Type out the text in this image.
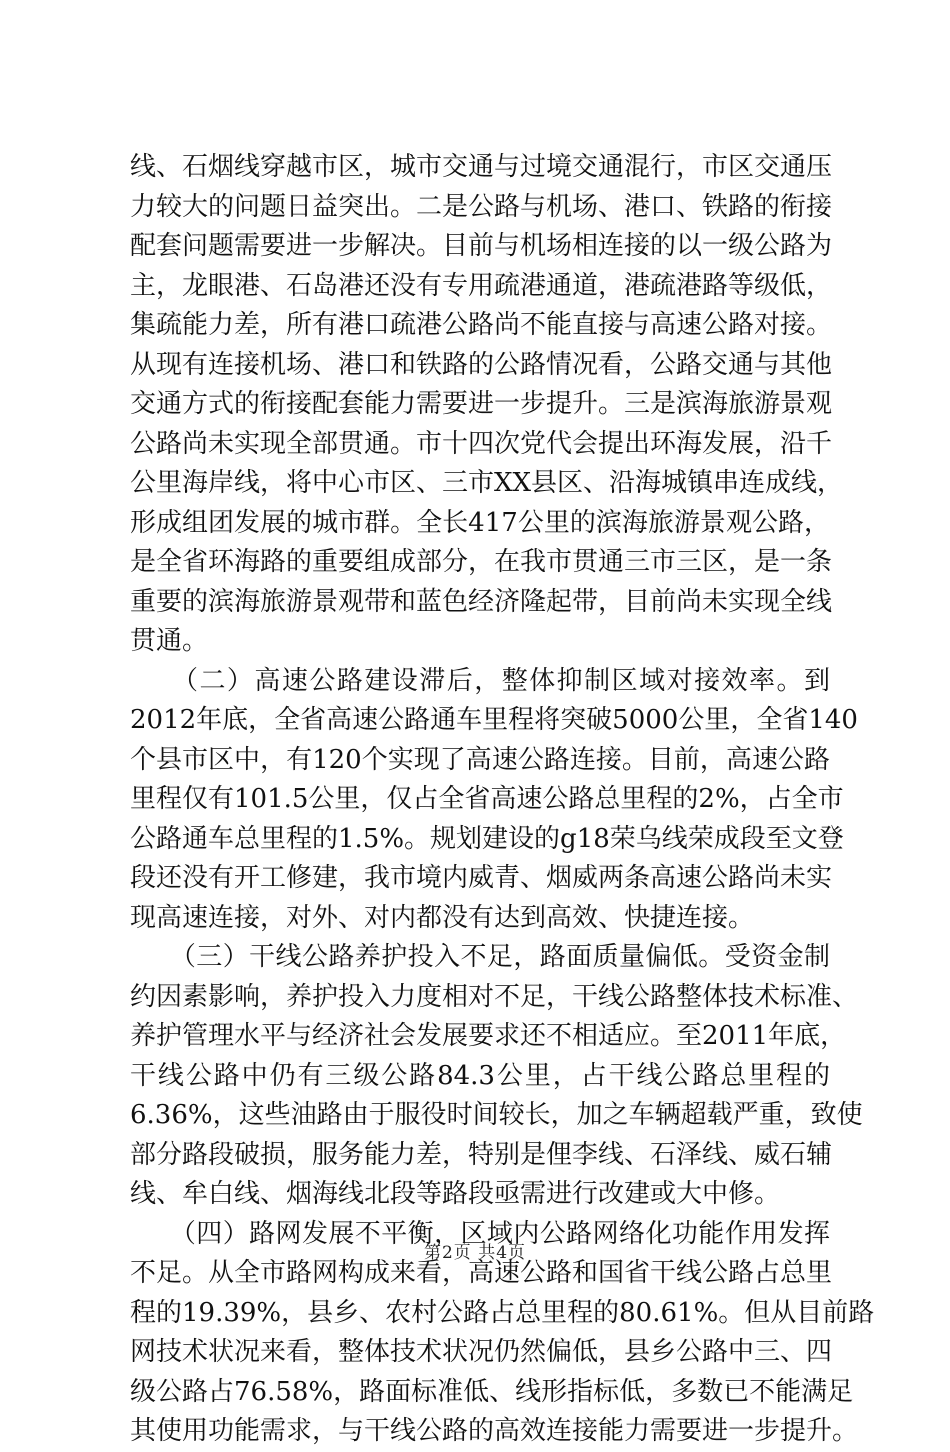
线、石烟线穿越市区，城市交通与过境交通混行，市区交通压
力较大的问题日益突出。二是公路与机场、港口、铁路的衔接
配套问题需要进一步解决。目前与机场相连接的以一级公路为
主，龙眼港、石岛港还没有专用疏港通道，港疏港路等级低，
集疏能力差，所有港口疏港公路尚不能直接与高速公路对接。
从现有连接机场、港口和铁路的公路情况看，公路交通与其他
交通方式的衔接配套能力需要进一步提升。三是滨海旅游景观
公路尚未实现全部贯通。市十四次党代会提出环海发展，沿千
公里海岸线，将中心市区、三市XX县区、沿海城镇串连成线，
形成组团发展的城市群。全长417公里的滨海旅游景观公路，
是全省环海路的重要组成部分，在我市贯通三市三区，是一条
重要的滨海旅游景观带和蓝色经济隆起带，目前尚未实现全线
贯通。
　　（二）高速公路建设滞后，整体抑制区域对接效率。到
2012年底，全省高速公路通车里程将突破5000公里，全省140
个县市区中，有120个实现了高速公路连接。目前，高速公路
里程仅有101.5公里，仅占全省高速公路总里程的2%，占全市
公路通车总里程的1.5%。规划建设的g18荣乌线荣成段至文登
段还没有开工修建，我市境内威青、烟威两条高速公路尚未实
现高速连接，对外、对内都没有达到高效、快捷连接。
　　（三）干线公路养护投入不足，路面质量偏低。受资金制
约因素影响，养护投入力度相对不足，干线公路整体技术标准、
养护管理水平与经济社会发展要求还不相适应。至2011年底，
干线公路中仍有三级公路84.3公里，占干线公路总里程的
6.36%，这些油路由于服役时间较长，加之车辆超载严重，致使
部分路段破损，服务能力差，特别是俚李线、石泽线、威石辅
线、牟白线、烟海线北段等路段亟需进行改建或大中修。
　　（四）路网发展不平衡，区域内公路网络化功能作用发挥
不足。从全市路网构成来看，高速公路和国省干线公路占总里
程的19.39%，县乡、农村公路占总里程的80.61%。但从目前路
网技术状况来看，整体技术状况仍然偏低，县乡公路中三、四
级公路占76.58%，路面标准低、线形指标低，多数已不能满足
其使用功能需求，与干线公路的高效连接能力需要进一步提升。
第2页 共4页
